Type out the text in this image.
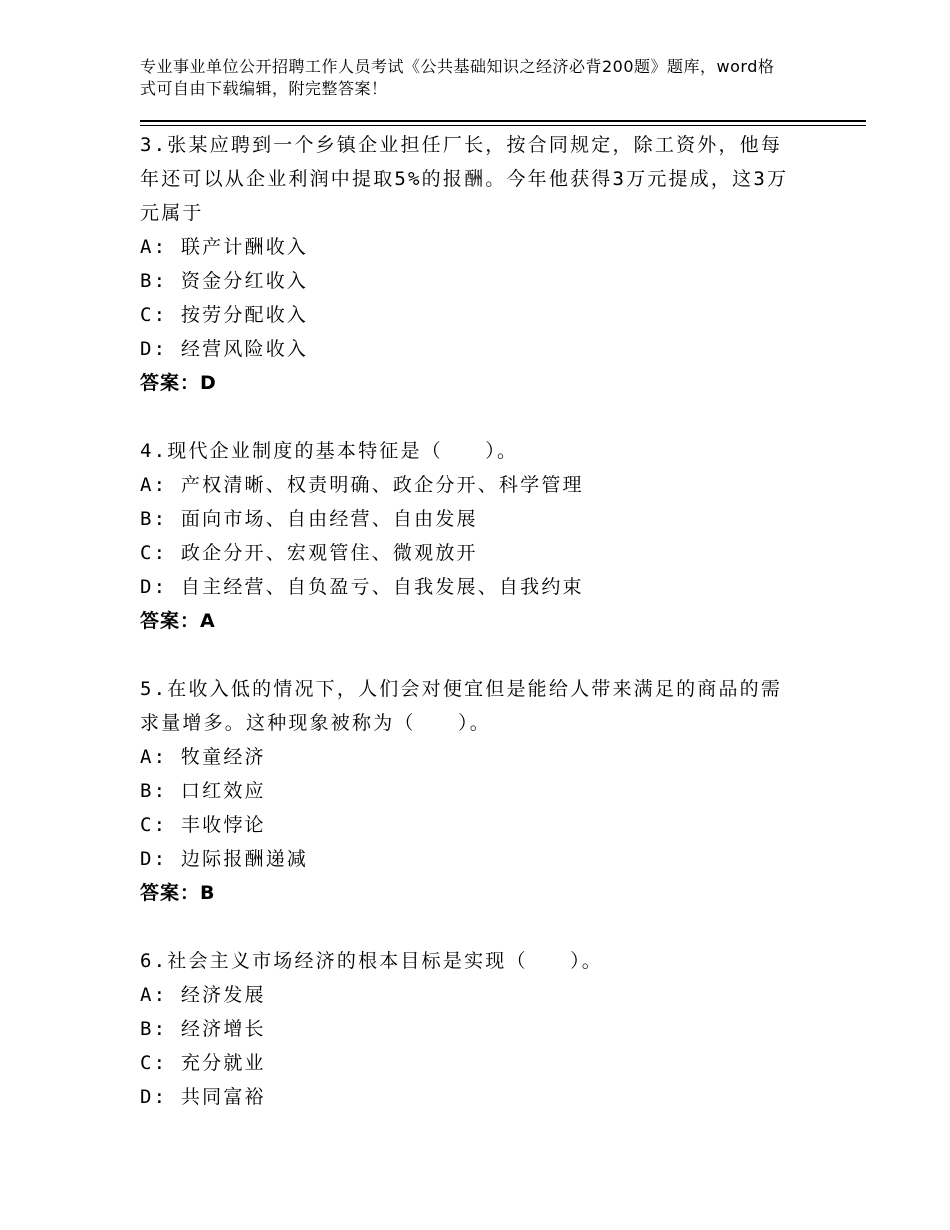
专业事业单位公开招聘工作人员考试《公共基础知识之经济必背200题》题库，word格式可自由下载编辑，附完整答案！

3.张某应聘到一个乡镇企业担任厂长，按合同规定，除工资外，他每年还可以从企业利润中提取5%的报酬。今年他获得3万元提成，这3万元属于

A: 联产计酬收入

B: 资金分红收入

C: 按劳分配收入

D: 经营风险收入

答案：D

4.现代企业制度的基本特征是（　　）。

A: 产权清晰、权责明确、政企分开、科学管理

B: 面向市场、自由经营、自由发展

C: 政企分开、宏观管住、微观放开

D: 自主经营、自负盈亏、自我发展、自我约束

答案：A

5.在收入低的情况下，人们会对便宜但是能给人带来满足的商品的需求量增多。这种现象被称为（　　）。

A: 牧童经济

B: 口红效应

C: 丰收悖论

D: 边际报酬递减

答案：B

6.社会主义市场经济的根本目标是实现（　　）。

A: 经济发展

B: 经济增长

C: 充分就业

D: 共同富裕
